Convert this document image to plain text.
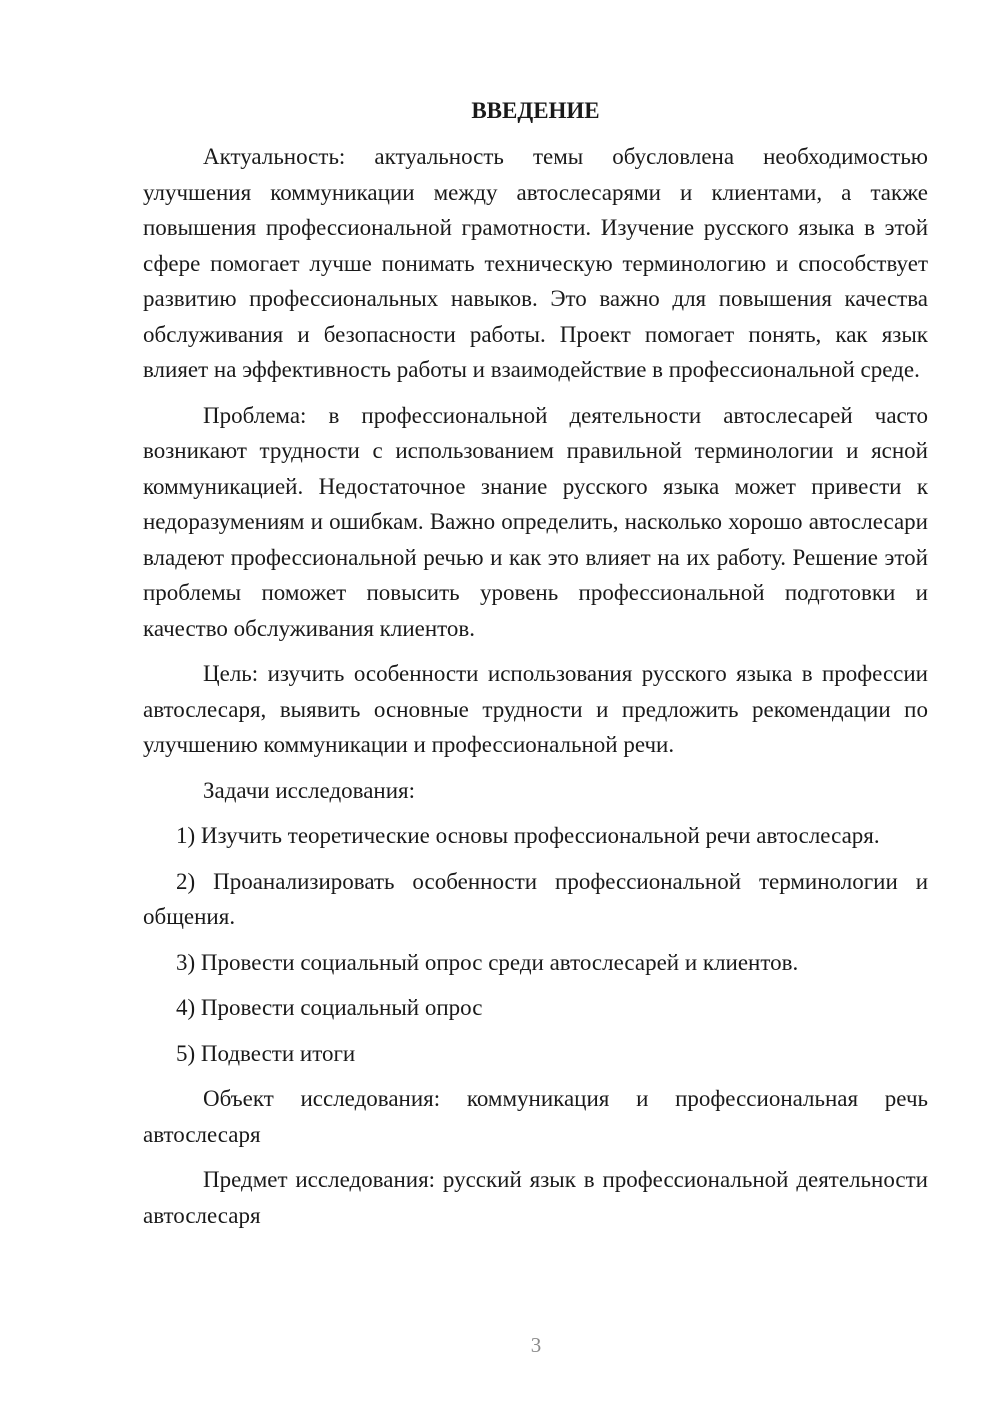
ВВЕДЕНИЕ

Актуальность: актуальность темы обусловлена необходимостью улучшения коммуникации между автослесарями и клиентами, а также повышения профессиональной грамотности. Изучение русского языка в этой сфере помогает лучше понимать техническую терминологию и способствует развитию профессиональных навыков. Это важно для повышения качества обслуживания и безопасности работы. Проект помогает понять, как язык влияет на эффективность работы и взаимодействие в профессиональной среде.

Проблема: в профессиональной деятельности автослесарей часто возникают трудности с использованием правильной терминологии и ясной коммуникацией. Недостаточное знание русского языка может привести к недоразумениям и ошибкам. Важно определить, насколько хорошо автослесари владеют профессиональной речью и как это влияет на их работу. Решение этой проблемы поможет повысить уровень профессиональной подготовки и качество обслуживания клиентов.

Цель: изучить особенности использования русского языка в профессии автослесаря, выявить основные трудности и предложить рекомендации по улучшению коммуникации и профессиональной речи.

Задачи исследования:

1) Изучить теоретические основы профессиональной речи автослесаря.

2) Проанализировать особенности профессиональной терминологии и общения.

3) Провести социальный опрос среди автослесарей и клиентов.

4) Провести социальный опрос

5) Подвести итоги

Объект исследования: коммуникация и профессиональная речь автослесаря

Предмет исследования: русский язык в профессиональной деятельности автослесаря

3
